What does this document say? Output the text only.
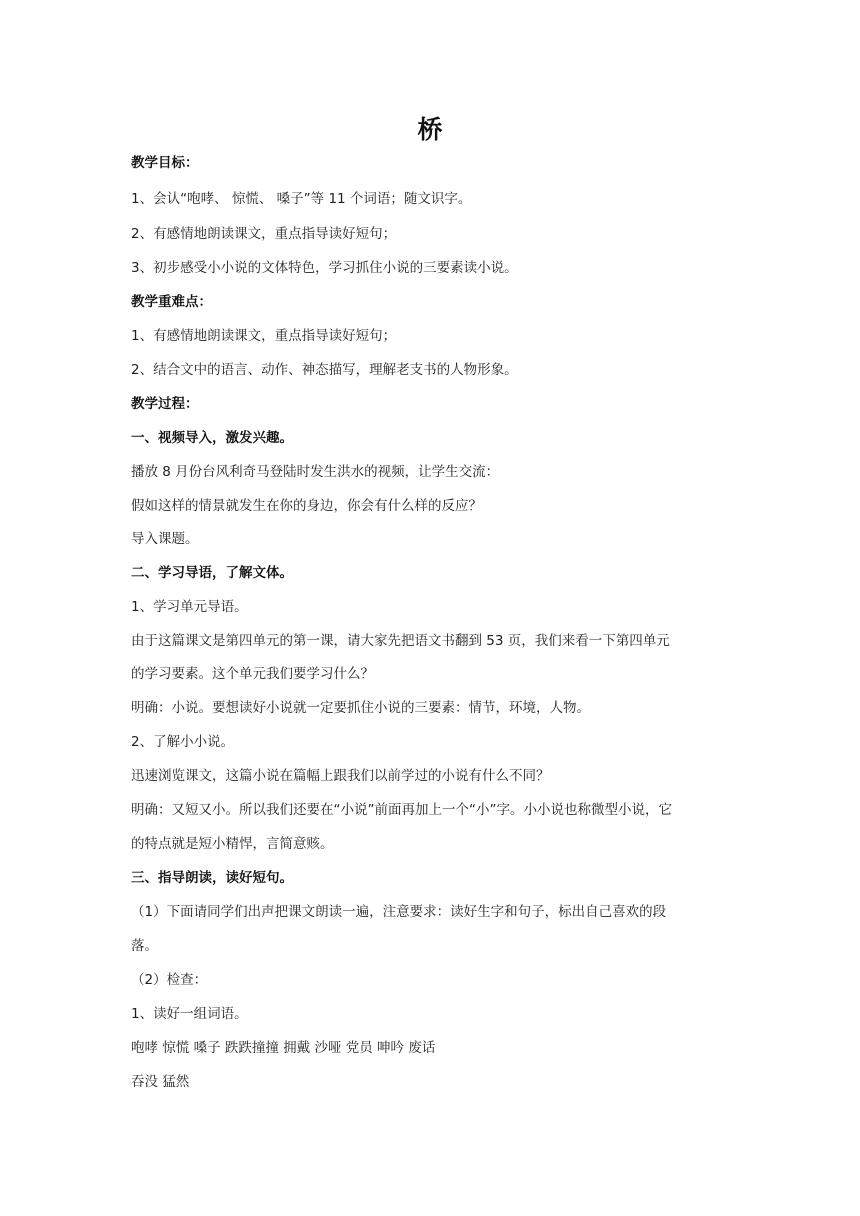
桥
教学目标：
1、会认“咆哮、 惊慌、 嗓子”等 11 个词语；随文识字。
2、有感情地朗读课文，重点指导读好短句；
3、初步感受小小说的文体特色，学习抓住小说的三要素读小说。
教学重难点：
1、有感情地朗读课文，重点指导读好短句；
2、结合文中的语言、动作、神态描写，理解老支书的人物形象。
教学过程：
一、视频导入，激发兴趣。
播放 8 月份台风利奇马登陆时发生洪水的视频，让学生交流：
假如这样的情景就发生在你的身边，你会有什么样的反应？
导入课题。
二、学习导语，了解文体。
1、学习单元导语。
由于这篇课文是第四单元的第一课，请大家先把语文书翻到 53 页，我们来看一下第四单元
的学习要素。这个单元我们要学习什么？
明确：小说。要想读好小说就一定要抓住小说的三要素：情节，环境，人物。
2、了解小小说。
迅速浏览课文，这篇小说在篇幅上跟我们以前学过的小说有什么不同？
明确：又短又小。所以我们还要在“小说”前面再加上一个“小”字。小小说也称微型小说，它
的特点就是短小精悍，言简意赅。
三、指导朗读，读好短句。
（1）下面请同学们出声把课文朗读一遍，注意要求：读好生字和句子，标出自己喜欢的段
落。
（2）检查：
1、读好一组词语。
咆哮 惊慌 嗓子 跌跌撞撞 拥戴 沙哑 党员 呻吟 废话
吞没 猛然
